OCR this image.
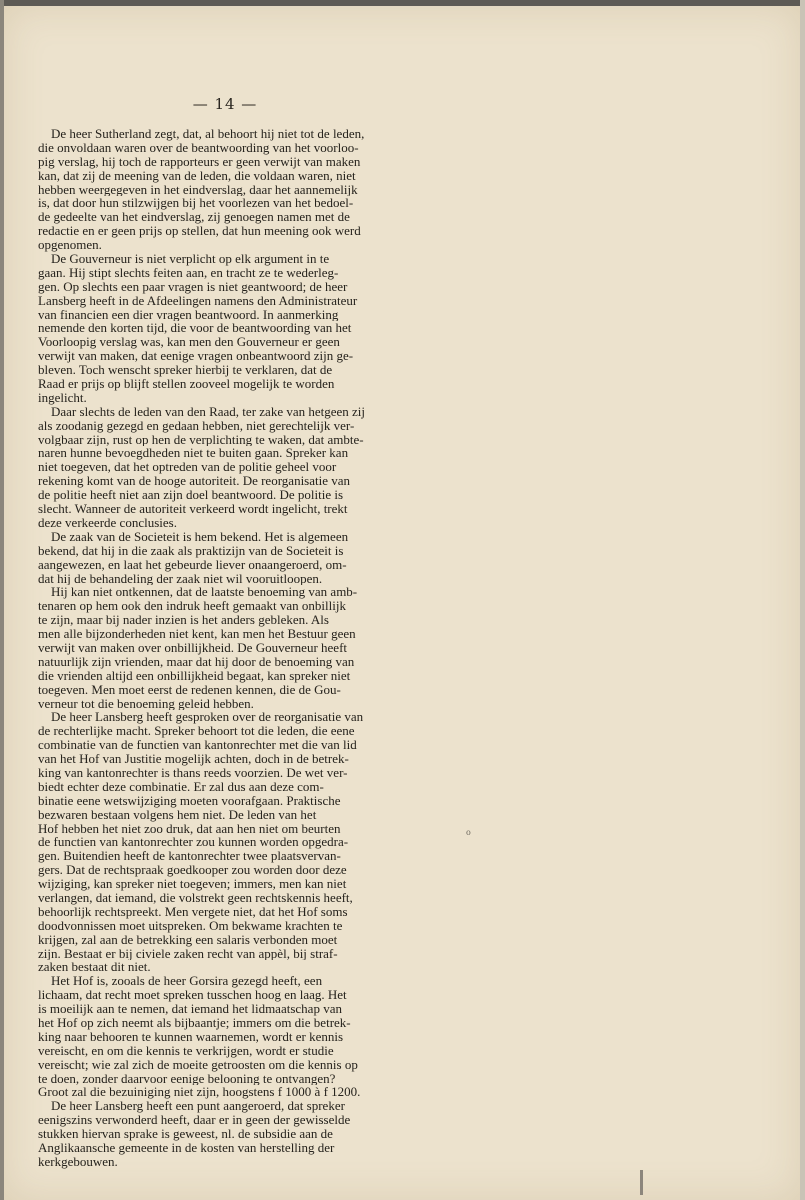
— 14 —
De heer Sutherland zegt, dat, al behoort hij niet tot de leden,
die onvoldaan waren over de beantwoording van het voorloo-
pig verslag, hij toch de rapporteurs er geen verwijt van maken
kan, dat zij de meening van de leden, die voldaan waren, niet
hebben weergegeven in het eindverslag, daar het aannemelijk
is, dat door hun stilzwijgen bij het voorlezen van het bedoel-
de gedeelte van het eindverslag, zij genoegen namen met de
redactie en er geen prijs op stellen, dat hun meening ook werd
opgenomen.
De Gouverneur is niet verplicht op elk argument in te
gaan. Hij stipt slechts feiten aan, en tracht ze te wederleg-
gen. Op slechts een paar vragen is niet geantwoord; de heer
Lansberg heeft in de Afdeelingen namens den Administrateur
van financien een dier vragen beantwoord. In aanmerking
nemende den korten tijd, die voor de beantwoording van het
Voorloopig verslag was, kan men den Gouverneur er geen
verwijt van maken, dat eenige vragen onbeantwoord zijn ge-
bleven. Toch wenscht spreker hierbij te verklaren, dat de
Raad er prijs op blijft stellen zooveel mogelijk te worden
ingelicht.
Daar slechts de leden van den Raad, ter zake van hetgeen zij
als zoodanig gezegd en gedaan hebben, niet gerechtelijk ver-
volgbaar zijn, rust op hen de verplichting te waken, dat ambte-
naren hunne bevoegdheden niet te buiten gaan. Spreker kan
niet toegeven, dat het optreden van de politie geheel voor
rekening komt van de hooge autoriteit. De reorganisatie van
de politie heeft niet aan zijn doel beantwoord. De politie is
slecht. Wanneer de autoriteit verkeerd wordt ingelicht, trekt
deze verkeerde conclusies.
De zaak van de Societeit is hem bekend. Het is algemeen
bekend, dat hij in die zaak als praktizijn van de Societeit is
aangewezen, en laat het gebeurde liever onaangeroerd, om-
dat hij de behandeling der zaak niet wil vooruitloopen.
Hij kan niet ontkennen, dat de laatste benoeming van amb-
tenaren op hem ook den indruk heeft gemaakt van onbillijk
te zijn, maar bij nader inzien is het anders gebleken. Als
men alle bijzonderheden niet kent, kan men het Bestuur geen
verwijt van maken over onbillijkheid. De Gouverneur heeft
natuurlijk zijn vrienden, maar dat hij door de benoeming van
die vrienden altijd een onbillijkheid begaat, kan spreker niet
toegeven. Men moet eerst de redenen kennen, die de Gou-
verneur tot die benoeming geleid hebben.
De heer Lansberg heeft gesproken over de reorganisatie van
de rechterlijke macht. Spreker behoort tot die leden, die eene
combinatie van de functien van kantonrechter met die van lid
van het Hof van Justitie mogelijk achten, doch in de betrek-
king van kantonrechter is thans reeds voorzien. De wet ver-
biedt echter deze combinatie. Er zal dus aan deze com-
binatie eene wetswijziging moeten voorafgaan. Praktische
bezwaren bestaan volgens hem niet. De leden van het
Hof hebben het niet zoo druk, dat aan hen niet om beurten
de functien van kantonrechter zou kunnen worden opgedra-
gen. Buitendien heeft de kantonrechter twee plaatsvervan-
gers. Dat de rechtspraak goedkooper zou worden door deze
wijziging, kan spreker niet toegeven; immers, men kan niet
verlangen, dat iemand, die volstrekt geen rechtskennis heeft,
behoorlijk rechtspreekt. Men vergete niet, dat het Hof soms
doodvonnissen moet uitspreken. Om bekwame krachten te
krijgen, zal aan de betrekking een salaris verbonden moet
zijn. Bestaat er bij civiele zaken recht van appèl, bij straf-
zaken bestaat dit niet.
Het Hof is, zooals de heer Gorsira gezegd heeft, een
lichaam, dat recht moet spreken tusschen hoog en laag. Het
is moeilijk aan te nemen, dat iemand het lidmaatschap van
het Hof op zich neemt als bijbaantje; immers om die betrek-
king naar behooren te kunnen waarnemen, wordt er kennis
vereischt, en om die kennis te verkrijgen, wordt er studie
vereischt; wie zal zich de moeite getroosten om die kennis op
te doen, zonder daarvoor eenige belooning te ontvangen?
Groot zal die bezuiniging niet zijn, hoogstens f 1000 à f 1200.
De heer Lansberg heeft een punt aangeroerd, dat spreker
eenigszins verwonderd heeft, daar er in geen der gewisselde
stukken hiervan sprake is geweest, nl. de subsidie aan de
Anglikaansche gemeente in de kosten van herstelling der
kerkgebouwen.
o
